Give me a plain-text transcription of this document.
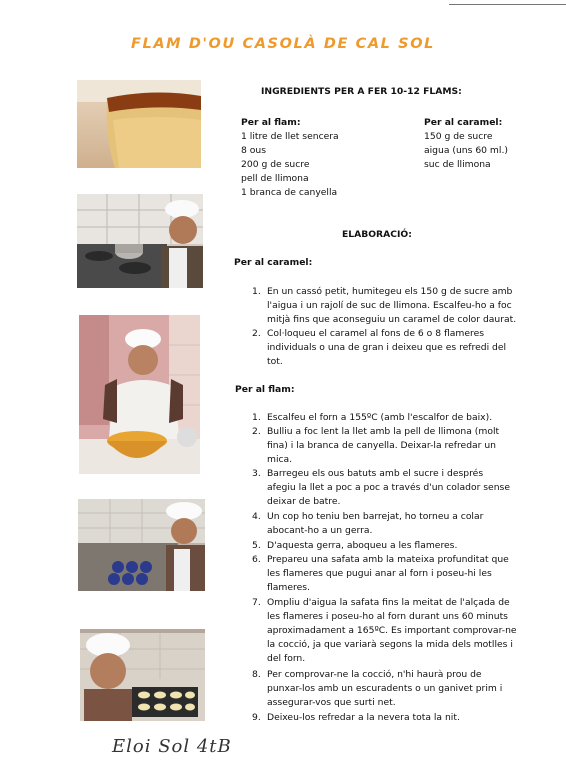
FLAM D'OU CASOLÀ DE CAL SOL
INGREDIENTS PER A FER 10-12 FLAMS:
Per al flam:
1 litre de llet sencera
8 ous
200 g de sucre
pell de llimona
1 branca de canyella
Per al caramel:
150 g de sucre
aigua (uns 60 ml.)
suc de llimona
ELABORACIÓ:
Per al caramel:
1. En un cassó petit, humitegeu els 150 g de sucre amb
l'aigua i un rajolí de suc de llimona. Escalfeu-ho a foc
mitjà fins que aconseguiu un caramel de color daurat.
2. Col·loqueu el caramel al fons de 6 o 8 flameres
individuals o una de gran i deixeu que es refredi del
tot.
Per al flam:
1. Escalfeu el forn a 155ºC (amb l'escalfor de baix).
2. Bulliu a foc lent la llet amb la pell de llimona (molt
fina) i la branca de canyella. Deixar-la refredar un
mica.
3. Barregeu els ous batuts amb el sucre i després
afegiu la llet a poc a poc a través d'un colador sense
deixar de batre.
4. Un cop ho teniu ben barrejat, ho torneu a colar
abocant-ho a un gerra.
5. D'aquesta gerra, aboqueu a les flameres.
6. Prepareu una safata amb la mateixa profunditat que
les flameres que pugui anar al forn i poseu-hi les
flameres.
7. Ompliu d'aigua la safata fins la meitat de l'alçada de
les flameres i poseu-ho al forn durant uns 60 minuts
aproximadament a 165ºC. Es important comprovar-ne
la cocció, ja que variarà segons la mida dels motlles i
del forn.
8. Per comprovar-ne la cocció, n'hi haurà prou de
punxar-los amb un escuradents o un ganivet prim i
assegurar-vos que surti net.
9. Deixeu-los refredar a la nevera tota la nit.
Eloi Sol 4tB
